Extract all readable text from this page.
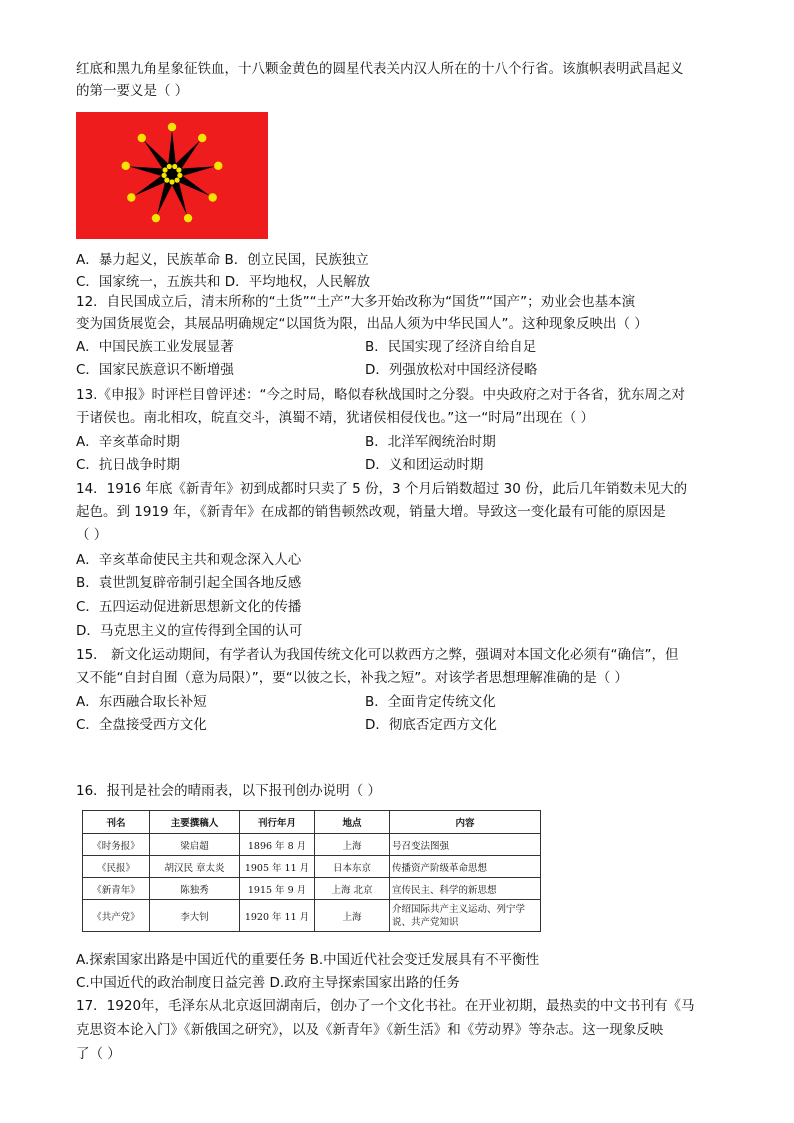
红底和黑九角星象征铁血，十八颗金黄色的圆星代表关内汉人所在的十八个行省。该旗帜表明武昌起义
的第一要义是（ ）
A．暴力起义，民族革命 B．创立民国，民族独立
C．国家统一，五族共和 D．平均地权，人民解放
12．自民国成立后，清末所称的“土货”“土产”大多开始改称为“国货”“国产”；劝业会也基本演
变为国货展览会，其展品明确规定“以国货为限，出品人须为中华民国人”。这种现象反映出（ ）
A．中国民族工业发展显著	B．民国实现了经济自给自足
C．国家民族意识不断增强	D．列强放松对中国经济侵略
13.《申报》时评栏目曾评述：“今之时局，略似春秋战国时之分裂。中央政府之对于各省，犹东周之对
于诸侯也。南北相攻，皖直交斗，滇蜀不靖，犹诸侯相侵伐也。”这一“时局”出现在（ ）
A．辛亥革命时期	B．北洋军阀统治时期
C．抗日战争时期	D．义和团运动时期
14．1916 年底《新青年》初到成都时只卖了 5 份，3 个月后销数超过 30 份，此后几年销数未见大的
起色。到 1919 年，《新青年》在成都的销售顿然改观，销量大增。导致这一变化最有可能的原因是
（ ）
A．辛亥革命使民主共和观念深入人心
B．袁世凯复辟帝制引起全国各地反感
C．五四运动促进新思想新文化的传播
D．马克思主义的宣传得到全国的认可
15． 新文化运动期间，有学者认为我国传统文化可以救西方之弊，强调对本国文化必须有“确信”，但
又不能“自封自囿（意为局限）”，要“以彼之长，补我之短”。对该学者思想理解准确的是（ ）
A．东西融合取长补短	B．全面肯定传统文化
C．全盘接受西方文化	D．彻底否定西方文化
16．报刊是社会的晴雨表，以下报刊创办说明（ ）
刊名	主要撰稿人	刊行年月	地点	内容
《时务报》	梁启超	1896 年 8 月	上海	号召变法图强
《民报》	胡汉民 章太炎	1905 年 11 月	日本东京	传播资产阶级革命思想
《新青年》	陈独秀	1915 年 9 月	上海 北京	宣传民主、科学的新思想
《共产党》	李大钊	1920 年 11 月	上海	介绍国际共产主义运动、列宁学说、共产党知识
A.探索国家出路是中国近代的重要任务 B.中国近代社会变迁发展具有不平衡性
C.中国近代的政治制度日益完善 D.政府主导探索国家出路的任务
17．1920年，毛泽东从北京返回湖南后，创办了一个文化书社。在开业初期，最热卖的中文书刊有《马
克思资本论入门》《新俄国之研究》，以及《新青年》《新生活》和《劳动界》等杂志。这一现象反映
了（ ）
